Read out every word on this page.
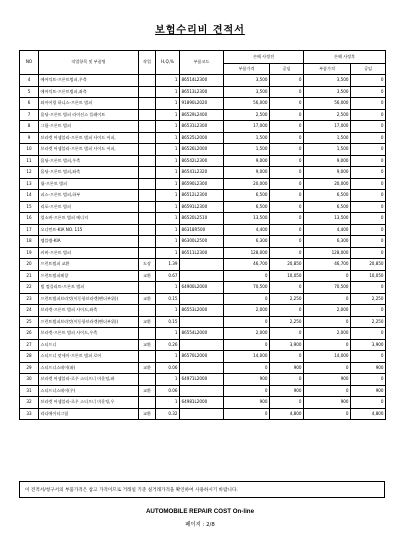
보험수리비 견적서
NO	작업항목 및 부품명	작업	H,Q,%	부품코드	손해 사정전		손해 사정후	
					부품가격	공임	부품가격	공임
4	에어덕트-프론트범퍼,우측		1	86514L2300	3,500	0	3,500	0
5	에어덕트-프론트범퍼,좌측		1	86513L2300	3,500	0	3,500	0
6	와이어링 하니스-프론트 범퍼		1	91890L2020	56,000	0	56,000	0
7	몰딩-프론트 범퍼 라이선스 플레이트		1	86529L2400	2,500	0	2,500	0
8	그릴-프론트 범퍼		1	86531L2300	17,000	0	17,000	0
9	브라켓 어셈블리-프론트 범퍼 사이드 어퍼,		1	86525L2000	1,500	0	1,500	0
10	브라켓 어셈블리-프론트 범퍼 사이드 어퍼,		1	86526L2000	1,500	0	1,500	0
11	몰딩-프론트 범퍼,우측		1	86542L2300	9,000	0	9,000	0
12	몰딩-프론트 범퍼,좌측		1	86541L2320	9,000	0	9,000	0
13	립-프론트 범퍼		1	86590L2300	20,000	0	20,000	0
14	피스-프론트 범퍼,하부		1	86512L2300	6,500	0	6,500	0
15	리포-프론트 범퍼		1	86591L2300	6,500	0	6,500	0
16	업소버-프론트 범퍼 에너지		1	86520L2510	13,500	0	13,500	0
17	오너먼트-KIA NO. 115		1	86318R500	4,400	0	4,400	0
18	엠블렘-KIA		1	86300L2500	6,300	0	6,300	0
19	커버-프론트 범퍼		1	86511L2300	128,000	0	128,000	0
20	프런트범퍼 교환	도장	1.39		46,700	20,850	46,700	20,850
21	프런트범퍼페창	교환	0.67		0	10,050	0	10,050
22	빔 컴플리트-프론트 범퍼		1	64900L2000	70,500	0	70,500	0
23	프런트범퍼브라킷(이동항브라켓(펜더부위))	교환	0.15		0	2,250	0	2,250
24	브라켓-프론트 범퍼 사이드,좌측		1	86553L2000	2,000	0	2,000	0
25	프런트범퍼브라킷(이동항브라켓(펜더부위))	교환	0.15		0	2,250	0	2,250
26	브라켓-프론트 범퍼 사이드,우측		1	86554L2000	2,000	0	2,000	0
27	스티프너	교환	0.26		0	3,900	0	3,900
28	스티프너 앗세이-프론트 범퍼 로어		1	86570L2000	14,000	0	14,000	0
29	스티프너스테이(좌)	교환	0.06		0	900	0	900
30	브라켓 어셈블리-로우 스티프너 마운팅,좌		1	64971L2000	900	0	900	0
31	스티프너스테이(우)	교환	0.06		0	900	0	900
32	브라켓 어셈블리-로우 스티프너 마운팅,우		1	64981L2000	900	0	900	0
33	라디에이터그릴	교환	0.32		0	4,800	0	4,800
이 견적서/청구서의 부품가격은 참고 가격이므로 거래일 기준 실거래가격을 확인하여 사용하시기 바랍니다.
AUTOMOBILE REPAIR COST On-line
페이지 : 2/8
